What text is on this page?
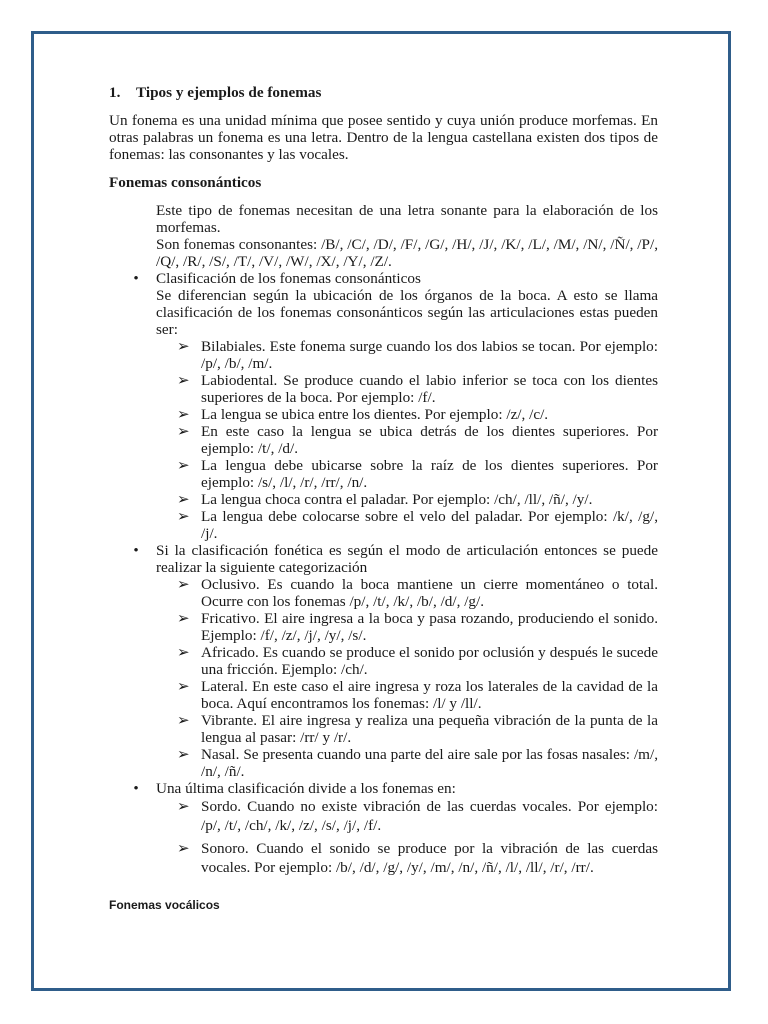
1.	Tipos y ejemplos de fonemas

Un fonema es una unidad mínima que posee sentido y cuya unión produce morfemas. En otras palabras un fonema es una letra. Dentro de la lengua castellana existen dos tipos de fonemas: las consonantes y las vocales.

Fonemas consonánticos

Este tipo de fonemas necesitan de una letra sonante para la elaboración de los morfemas.
Son fonemas consonantes: /B/, /C/, /D/, /F/, /G/, /H/, /J/, /K/, /L/, /M/, /N/, /Ñ/, /P/, /Q/, /R/, /S/, /T/, /V/, /W/, /X/, /Y/, /Z/.
• Clasificación de los fonemas consonánticos
Se diferencian según la ubicación de los órganos de la boca. A esto se llama clasificación de los fonemas consonánticos según las articulaciones estas pueden ser:
➢ Bilabiales. Este fonema surge cuando los dos labios se tocan. Por ejemplo: /p/, /b/, /m/.
➢ Labiodental. Se produce cuando el labio inferior se toca con los dientes superiores de la boca. Por ejemplo: /f/.
➢ La lengua se ubica entre los dientes. Por ejemplo: /z/, /c/.
➢ En este caso la lengua se ubica detrás de los dientes superiores. Por ejemplo: /t/, /d/.
➢ La lengua debe ubicarse sobre la raíz de los dientes superiores. Por ejemplo: /s/, /l/, /r/, /rr/, /n/.
➢ La lengua choca contra el paladar. Por ejemplo: /ch/, /ll/, /ñ/, /y/.
➢ La lengua debe colocarse sobre el velo del paladar. Por ejemplo: /k/, /g/, /j/.
• Si la clasificación fonética es según el modo de articulación entonces se puede realizar la siguiente categorización
➢ Oclusivo. Es cuando la boca mantiene un cierre momentáneo o total. Ocurre con los fonemas /p/, /t/, /k/, /b/, /d/, /g/.
➢ Fricativo. El aire ingresa a la boca y pasa rozando, produciendo el sonido. Ejemplo: /f/, /z/, /j/, /y/, /s/.
➢ Africado. Es cuando se produce el sonido por oclusión y después le sucede una fricción. Ejemplo: /ch/.
➢ Lateral. En este caso el aire ingresa y roza los laterales de la cavidad de la boca. Aquí encontramos los fonemas: /l/ y /ll/.
➢ Vibrante. El aire ingresa y realiza una pequeña vibración de la punta de la lengua al pasar: /rr/ y /r/.
➢ Nasal. Se presenta cuando una parte del aire sale por las fosas nasales: /m/, /n/, /ñ/.
• Una última clasificación divide a los fonemas en:
➢ Sordo. Cuando no existe vibración de las cuerdas vocales. Por ejemplo: /p/, /t/, /ch/, /k/, /z/, /s/, /j/, /f/.
➢ Sonoro. Cuando el sonido se produce por la vibración de las cuerdas vocales. Por ejemplo: /b/, /d/, /g/, /y/, /m/, /n/, /ñ/, /l/, /ll/, /r/, /rr/.
Fonemas vocálicos
